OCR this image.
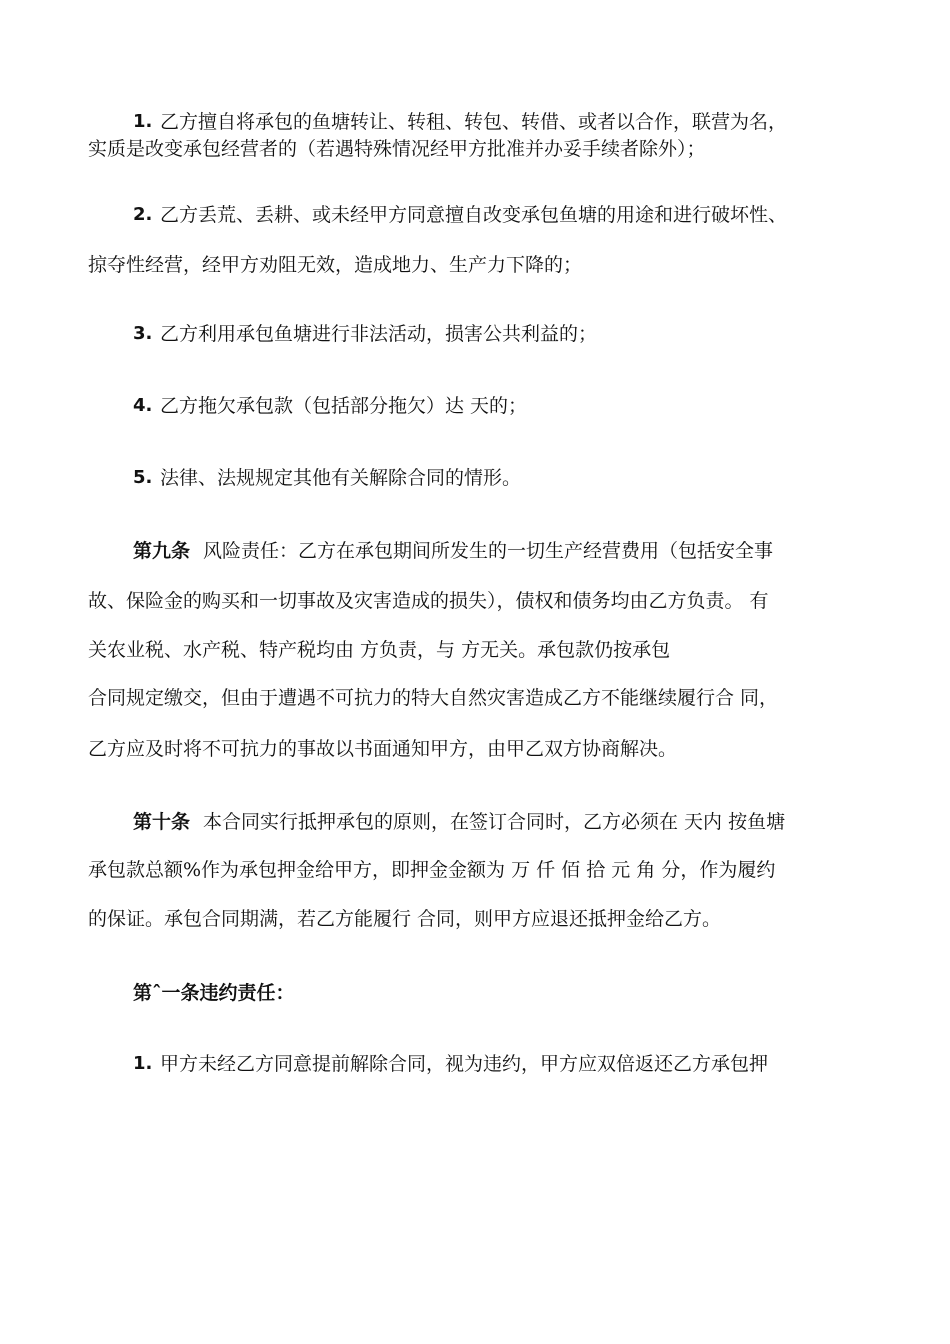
1. 乙方擅自将承包的鱼塘转让、转租、转包、转借、或者以合作，联营为名，
实质是改变承包经营者的（若遇特殊情况经甲方批准并办妥手续者除外）；
2. 乙方丢荒、丢耕、或未经甲方同意擅自改变承包鱼塘的用途和进行破坏性、
掠夺性经营，经甲方劝阻无效，造成地力、生产力下降的；
3. 乙方利用承包鱼塘进行非法活动，损害公共利益的；
4. 乙方拖欠承包款（包括部分拖欠）达 天的；
5. 法律、法规规定其他有关解除合同的情形。
第九条 风险责任：乙方在承包期间所发生的一切生产经营费用（包括安全事
故、保险金的购买和一切事故及灾害造成的损失），债权和债务均由乙方负责。 有
关农业税、水产税、特产税均由 方负责，与 方无关。承包款仍按承包
合同规定缴交，但由于遭遇不可抗力的特大自然灾害造成乙方不能继续履行合 同，
乙方应及时将不可抗力的事故以书面通知甲方，由甲乙双方协商解决。
第十条 本合同实行抵押承包的原则，在签订合同时，乙方必须在 天内 按鱼塘
承包款总额%作为承包押金给甲方，即押金金额为 万 仟 佰 拾 元 角 分，作为履约
的保证。承包合同期满，若乙方能履行 合同，则甲方应退还抵押金给乙方。
第ˆ一条违约责任：
1. 甲方未经乙方同意提前解除合同，视为违约，甲方应双倍返还乙方承包押
